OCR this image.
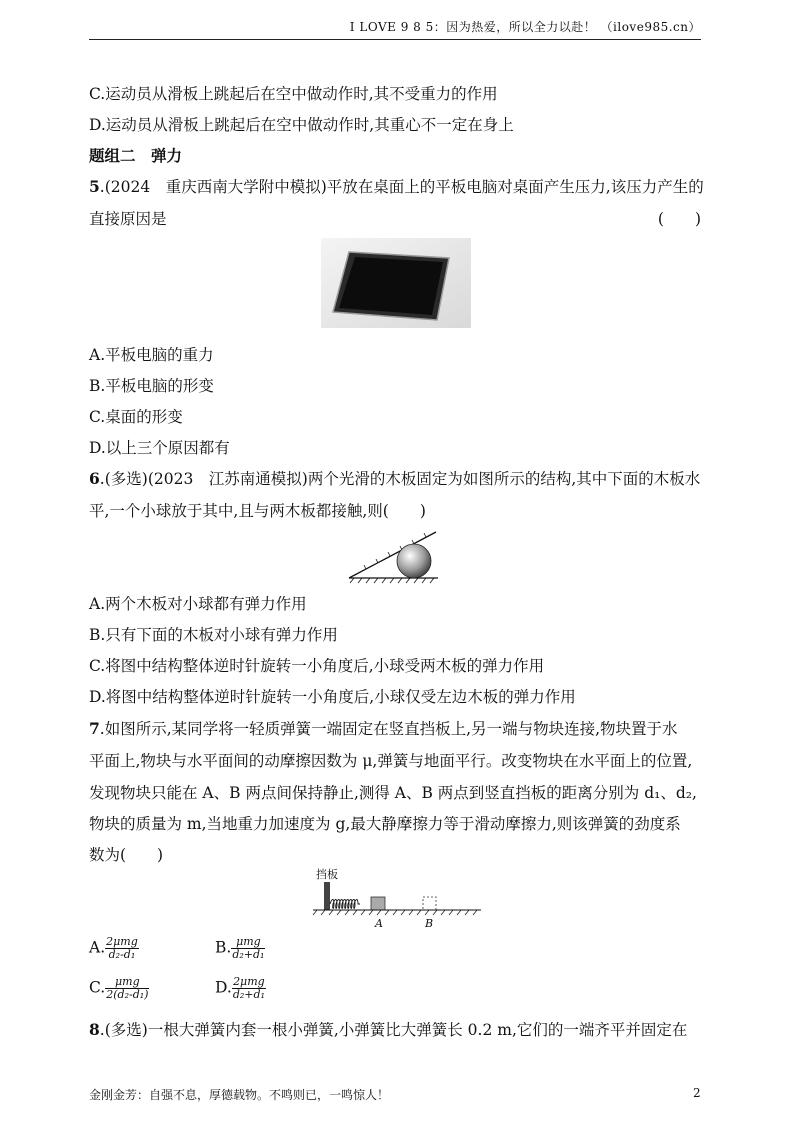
I LOVE 9 8 5：因为热爱，所以全力以赴！ （ilove985.cn）
C.运动员从滑板上跳起后在空中做动作时,其不受重力的作用
D.运动员从滑板上跳起后在空中做动作时,其重心不一定在身上
题组二　弹力
5.(2024　重庆西南大学附中模拟)平放在桌面上的平板电脑对桌面产生压力,该压力产生的
直接原因是	(　　)
A.平板电脑的重力
B.平板电脑的形变
C.桌面的形变
D.以上三个原因都有
6.(多选)(2023　江苏南通模拟)两个光滑的木板固定为如图所示的结构,其中下面的木板水
平,一个小球放于其中,且与两木板都接触,则(　　)
A.两个木板对小球都有弹力作用
B.只有下面的木板对小球有弹力作用
C.将图中结构整体逆时针旋转一小角度后,小球受两木板的弹力作用
D.将图中结构整体逆时针旋转一小角度后,小球仅受左边木板的弹力作用
7.如图所示,某同学将一轻质弹簧一端固定在竖直挡板上,另一端与物块连接,物块置于水
平面上,物块与水平面间的动摩擦因数为 μ,弹簧与地面平行。改变物块在水平面上的位置,
发现物块只能在 A、B 两点间保持静止,测得 A、B 两点到竖直挡板的距离分别为 d₁、d₂,
物块的质量为 m,当地重力加速度为 g,最大静摩擦力等于滑动摩擦力,则该弹簧的劲度系
数为(　　)
挡板
A	B
A. $\frac{\text{2μmg}}{\text{d₂-d₁}}$	B. $\frac{\text{μmg}}{\text{d₂+d₁}}$
C. $\frac{\text{μmg}}{\text{2(d₂-d₁)}}$	D. $\frac{\text{2μmg}}{\text{d₂+d₁}}$
8.(多选)一根大弹簧内套一根小弹簧,小弹簧比大弹簧长 0.2 m,它们的一端齐平并固定在
金刚金芳：自强不息，厚德载物。不鸣则已，一鸣惊人！	2
